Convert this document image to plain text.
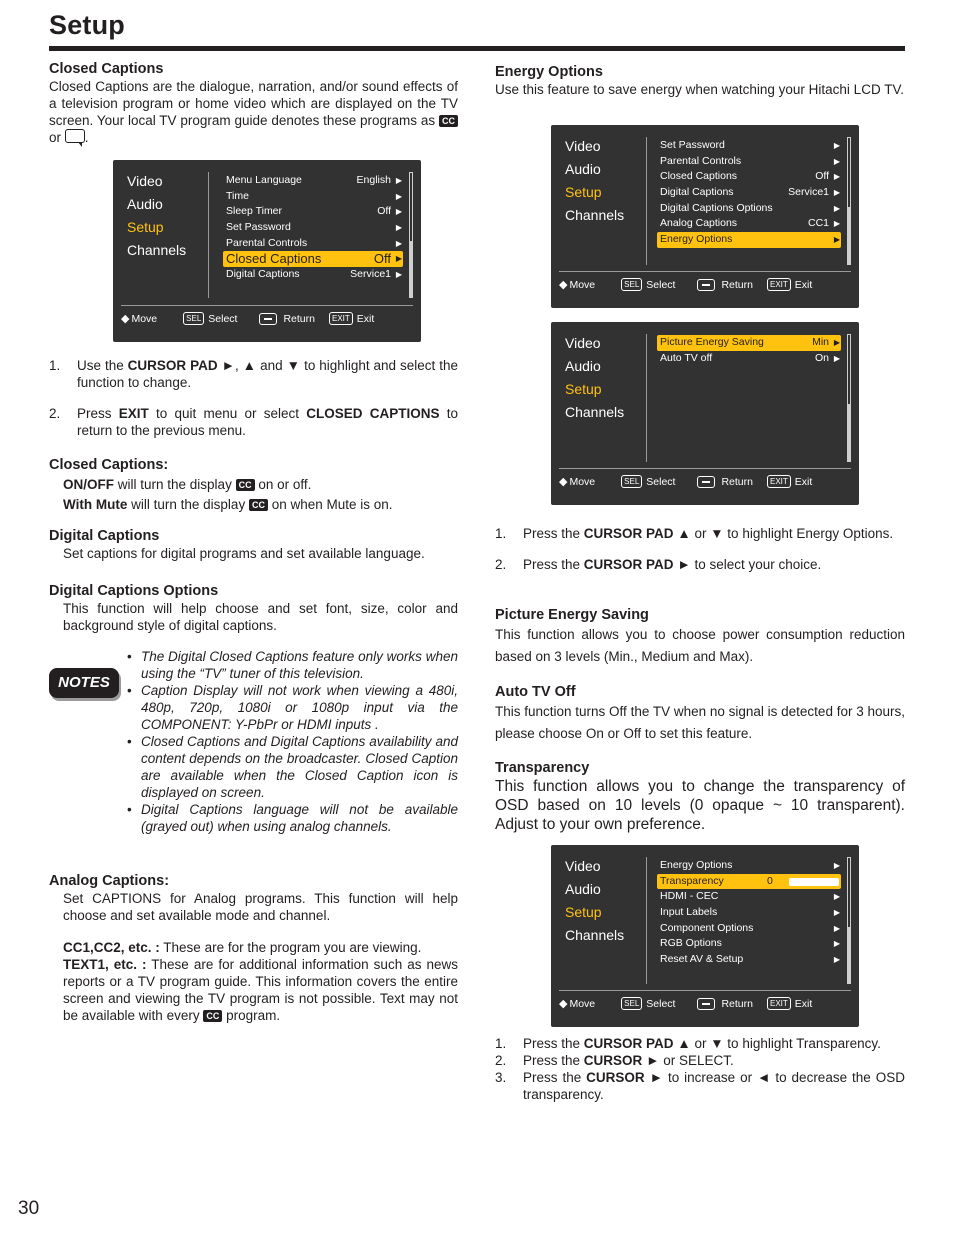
Setup

Closed Captions

Closed Captions are the dialogue, narration, and/or sound effects of a television program or home video which are displayed on the TV screen. Your local TV program guide denotes these programs as CC or .

Video
Audio
Setup
Channels
Menu Language	English ▶
Time	▶
Sleep Timer	Off ▶
Set Password	▶
Parental Controls	▶
Closed Captions	Off ▶
Digital Captions	Service1 ▶
◆ Move	SEL Select	Return	EXIT Exit
1. Use the CURSOR PAD ►, ▲ and ▼ to highlight and select the function to change.
2. Press EXIT to quit menu or select CLOSED CAPTIONS to return to the previous menu.

Closed Captions:

ON/OFF will turn the display CC on or off.

With Mute will turn the display CC on when Mute is on.

Digital Captions

Set captions for digital programs and set available language.

Digital Captions Options

This function will help choose and set font, size, color and background style of digital captions.

NOTES
• The Digital Closed Captions feature only works when using the “TV” tuner of this television.
• Caption Display will not work when viewing a 480i, 480p, 720p, 1080i or 1080p input via the COMPONENT: Y-PbPr or HDMI inputs .
• Closed Captions and Digital Captions availability and content depends on the broadcaster. Closed Caption are available when the Closed Caption icon is displayed on screen.
• Digital Captions language will not be available (grayed out) when using analog channels.

Analog Captions:

Set CAPTIONS for Analog programs. This function will help choose and set available mode and channel.

CC1,CC2, etc. : These are for the program you are viewing.

TEXT1, etc. : These are for additional information such as news reports or a TV program guide. This information covers the entire screen and viewing the TV program is not possible. Text may not be available with every CC program.

Energy Options

Use this feature to save energy when watching your Hitachi LCD TV.

Video
Audio
Setup
Channels
Set Password	▶
Parental Controls	▶
Closed Captions	Off ▶
Digital Captions	Service1 ▶
Digital Captions Options	▶
Analog Captions	CC1 ▶
Energy Options	▶
◆ Move	SEL Select	Return	EXIT Exit
Video
Audio
Setup
Channels
Picture Energy Saving	Min ▶
Auto TV off	On ▶
◆ Move	SEL Select	Return	EXIT Exit
1. Press the CURSOR PAD ▲ or ▼ to highlight Energy Options.
2. Press the CURSOR PAD ► to select your choice.

Picture Energy Saving

This function allows you to choose power consumption reduction based on 3 levels (Min., Medium and Max).

Auto TV Off

This function turns Off the TV when no signal is detected for 3 hours, please choose On or Off to set this feature.

Transparency

This function allows you to change the transparency of OSD based on 10 levels (0 opaque ~ 10 transparent). Adjust to your own preference.

Video
Audio
Setup
Channels
Energy Options	▶
Transparency	0
HDMI - CEC	▶
Input Labels	▶
Component Options	▶
RGB Options	▶
Reset AV & Setup	▶
◆ Move	SEL Select	Return	EXIT Exit
1. Press the CURSOR PAD ▲ or ▼ to highlight Transparency.
2. Press the CURSOR ► or SELECT.
3. Press the CURSOR ► to increase or ◄ to decrease the OSD transparency.
30
